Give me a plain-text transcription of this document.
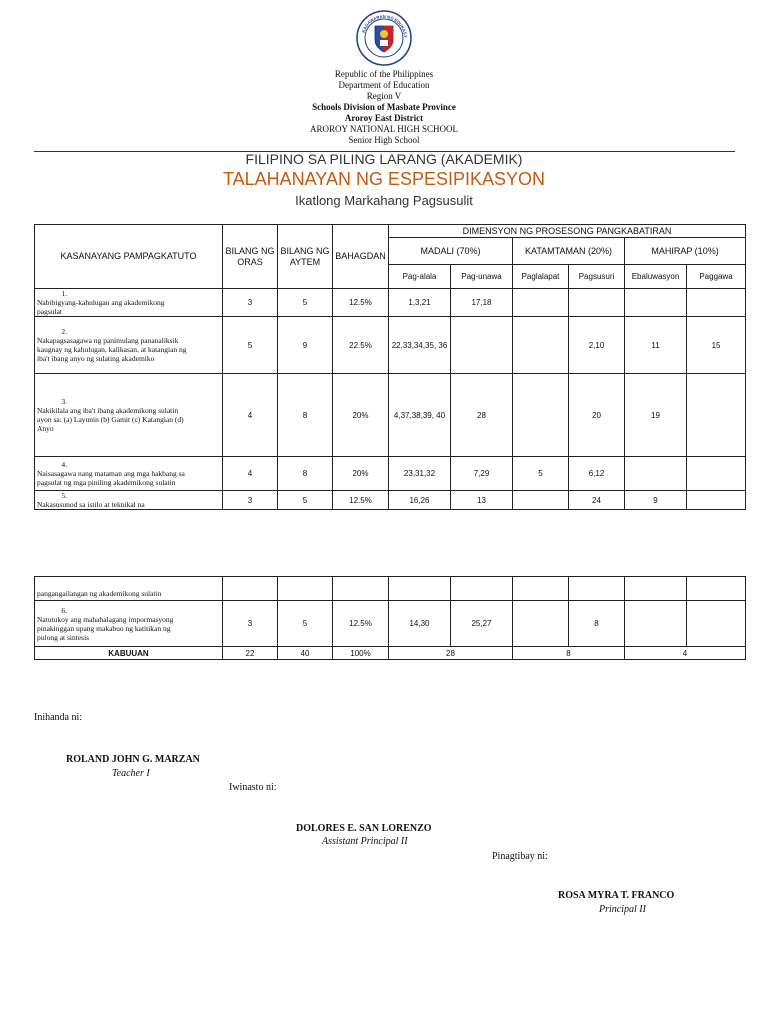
KAGAWARAN NG EDUKASY
Republic of the Philippines
Department of Education
Region V
Schools Division of Masbate Province
Aroroy East District
AROROY NATIONAL HIGH SCHOOL
Senior High School
FILIPINO SA PILING LARANG (AKADEMIK)
TALAHANAYAN NG ESPESIPIKASYON
Ikatlong Markahang Pagsusulit
KASANAYANG PAMPAGKATUTO	BILANG NG ORAS	BILANG NG AYTEM	BAHAGDAN	DIMENSYON NG PROSESONG PANGKABATIRAN					
				MADALI (70%)		KATAMTAMAN (20%)		MAHIRAP (10%)	
				Pag-alala	Pag-unawa	Paglalapat	Pagsusuri	Ebaluwasyon	Paggawa
1.Nabibigyang-kahulugan ang akademikong pagsulat	3	5	12.5%	1,3,21	17,18				
2.Nakapagsasagawa ng panimulang pananaliksik kaugnay ng kahulugan, kalikasan, at katangian ng iba't ibang anyo ng sulating akademiko	5	9	22.5%	22,33,34,35, 36			2,10	11	15
3.Nakikilala ang iba't ibang akademikong sulatin ayon sa: (a) Layunin (b) Gamit (c) Katangian (d) Anyo	4	8	20%	4,37,38,39, 40	28		20	19	
4.Naisasagawa nang mataman ang mga hakbang sa pagsulat ng mga piniling akademikong sulatin	4	8	20%	23,31,32	7,29	5	6,12		
5.Nakasusunod sa istilo at teknikal na	3	5	12.5%	16,26	13		24	9	
pangangailangan ng akademikong sulatin									
6.Natutukoy ang mahahalagang impormasyong pinakinggan upang makabuo ng katitikan ng pulong at sintesis	3	5	12.5%	14,30	25,27		8		
KABUUAN	22	40	100%	28		8		4	
Inihanda ni:
ROLAND JOHN G. MARZAN
Teacher I
Iwinasto ni:
DOLORES E. SAN LORENZO
Assistant Principal II
Pinagtibay ni:
ROSA MYRA T. FRANCO
Principal II
